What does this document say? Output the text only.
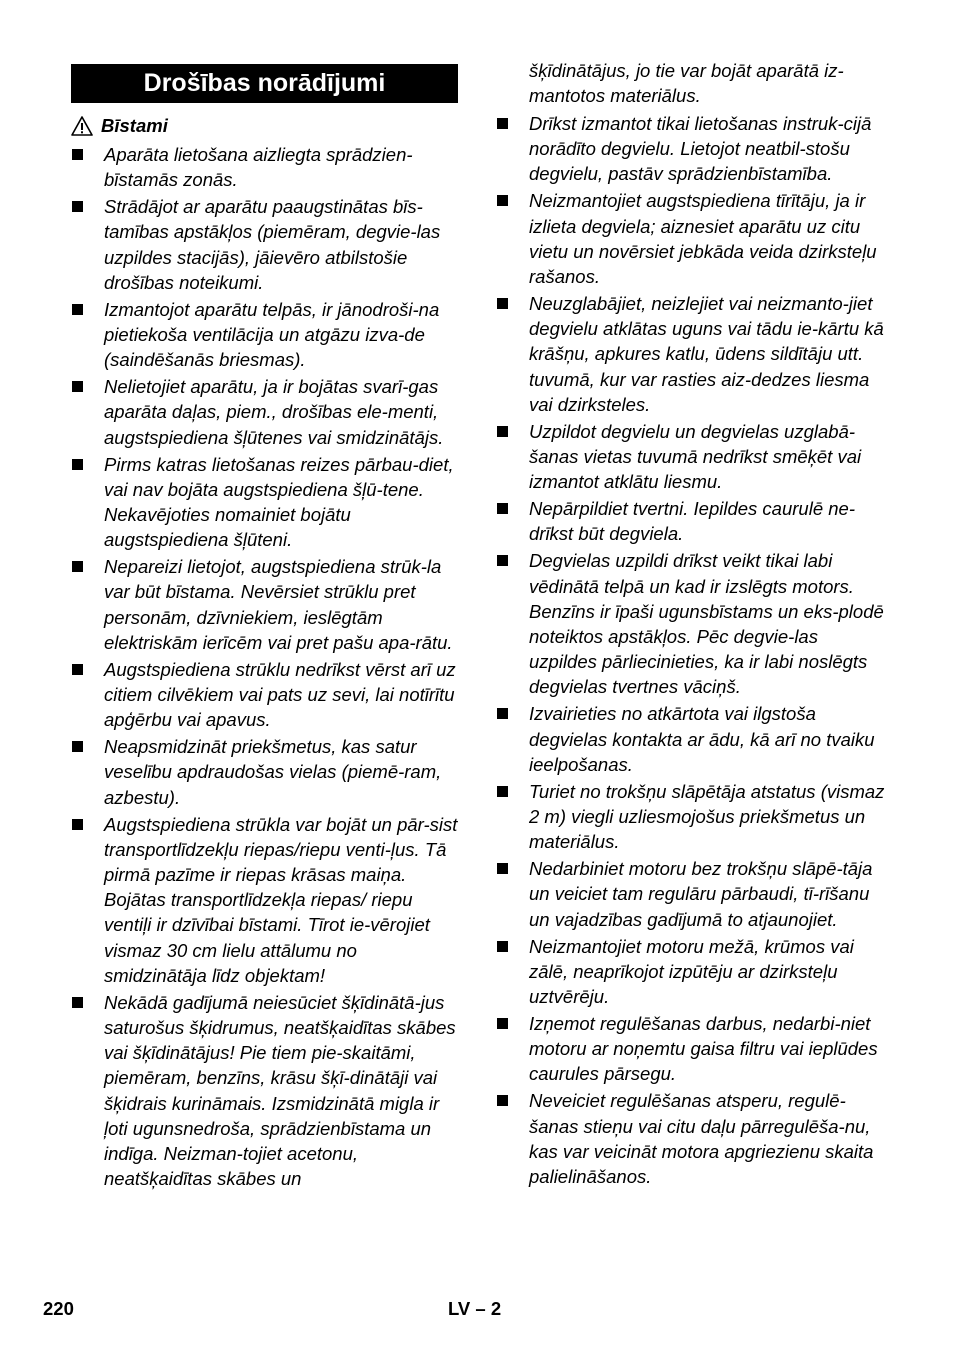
Drošības norādījumi
Bīstami
Aparāta lietošana aizliegta sprādzien-bīstamās zonās.
Strādājot ar aparātu paaugstinātas bīs-tamības apstākļos (piemēram, degvie-las uzpildes stacijās), jāievēro atbilstošie drošības noteikumi.
Izmantojot aparātu telpās, ir jānodroši-na pietiekoša ventilācija un atgāzu izva-de (saindēšanās briesmas).
Nelietojiet aparātu, ja ir bojātas svarī-gas aparāta daļas, piem., drošības ele-menti, augstspiediena šļūtenes vai smidzinātājs.
Pirms katras lietošanas reizes pārbau-diet, vai nav bojāta augstspiediena šļū-tene. Nekavējoties nomainiet bojātu augstspiediena šļūteni.
Nepareizi lietojot, augstspiediena strūk-la var būt bīstama. Nevērsiet strūklu pret personām, dzīvniekiem, ieslēgtām elektriskām ierīcēm vai pret pašu apa-rātu.
Augstspiediena strūklu nedrīkst vērst arī uz citiem cilvēkiem vai pats uz sevi, lai notīrītu apģērbu vai apavus.
Neapsmidzināt priekšmetus, kas satur veselību apdraudošas vielas (piemē-ram, azbestu).
Augstspiediena strūkla var bojāt un pār-sist transportlīdzekļu riepas/riepu venti-ļus. Tā pirmā pazīme ir riepas krāsas maiņa. Bojātas transportlīdzekļa riepas/ riepu ventiļi ir dzīvībai bīstami. Tīrot ie-vērojiet vismaz 30 cm lielu attālumu no smidzinātāja līdz objektam!
Nekādā gadījumā neiesūciet šķīdinātā-jus saturošus šķidrumus, neatšķaidītas skābes vai šķīdinātājus! Pie tiem pie-skaitāmi, piemēram, benzīns, krāsu šķī-dinātāji vai šķidrais kurināmais. Izsmidzinātā migla ir ļoti ugunsnedroša, sprādzienbīstama un indīga. Neizman-tojiet acetonu, neatšķaidītas skābes un
šķīdinātājus, jo tie var bojāt aparātā iz-mantotos materiālus.
Drīkst izmantot tikai lietošanas instruk-cijā norādīto degvielu. Lietojot neatbil-stošu degvielu, pastāv sprādzienbīstamība.
Neizmantojiet augstspiediena tīrītāju, ja ir izlieta degviela; aiznesiet aparātu uz citu vietu un novērsiet jebkāda veida dzirksteļu rašanos.
Neuzglabājiet, neizlejiet vai neizmanto-jiet degvielu atklātas uguns vai tādu ie-kārtu kā krāšņu, apkures katlu, ūdens sildītāju utt. tuvumā, kur var rasties aiz-dedzes liesma vai dzirksteles.
Uzpildot degvielu un degvielas uzglabā-šanas vietas tuvumā nedrīkst smēķēt vai izmantot atklātu liesmu.
Nepārpildiet tvertni. Iepildes caurulē ne-drīkst būt degviela.
Degvielas uzpildi drīkst veikt tikai labi vēdinātā telpā un kad ir izslēgts motors. Benzīns ir īpaši ugunsbīstams un eks-plodē noteiktos apstākļos. Pēc degvie-las uzpildes pārliecinieties, ka ir labi noslēgts degvielas tvertnes vāciņš.
Izvairieties no atkārtota vai ilgstoša degvielas kontakta ar ādu, kā arī no tvaiku ieelpošanas.
Turiet no trokšņu slāpētāja atstatus (vismaz 2 m) viegli uzliesmojošus priekšmetus un materiālus.
Nedarbiniet motoru bez trokšņu slāpē-tāja un veiciet tam regulāru pārbaudi, tī-rīšanu un vajadzības gadījumā to atjaunojiet.
Neizmantojiet motoru mežā, krūmos vai zālē, neaprīkojot izpūtēju ar dzirksteļu uztvērēju.
Izņemot regulēšanas darbus, nedarbi-niet motoru ar noņemtu gaisa filtru vai ieplūdes caurules pārsegu.
Neveiciet regulēšanas atsperu, regulē-šanas stieņu vai citu daļu pārregulēša-nu, kas var veicināt motora apgriezienu skaita palielināšanos.
220	LV – 2
